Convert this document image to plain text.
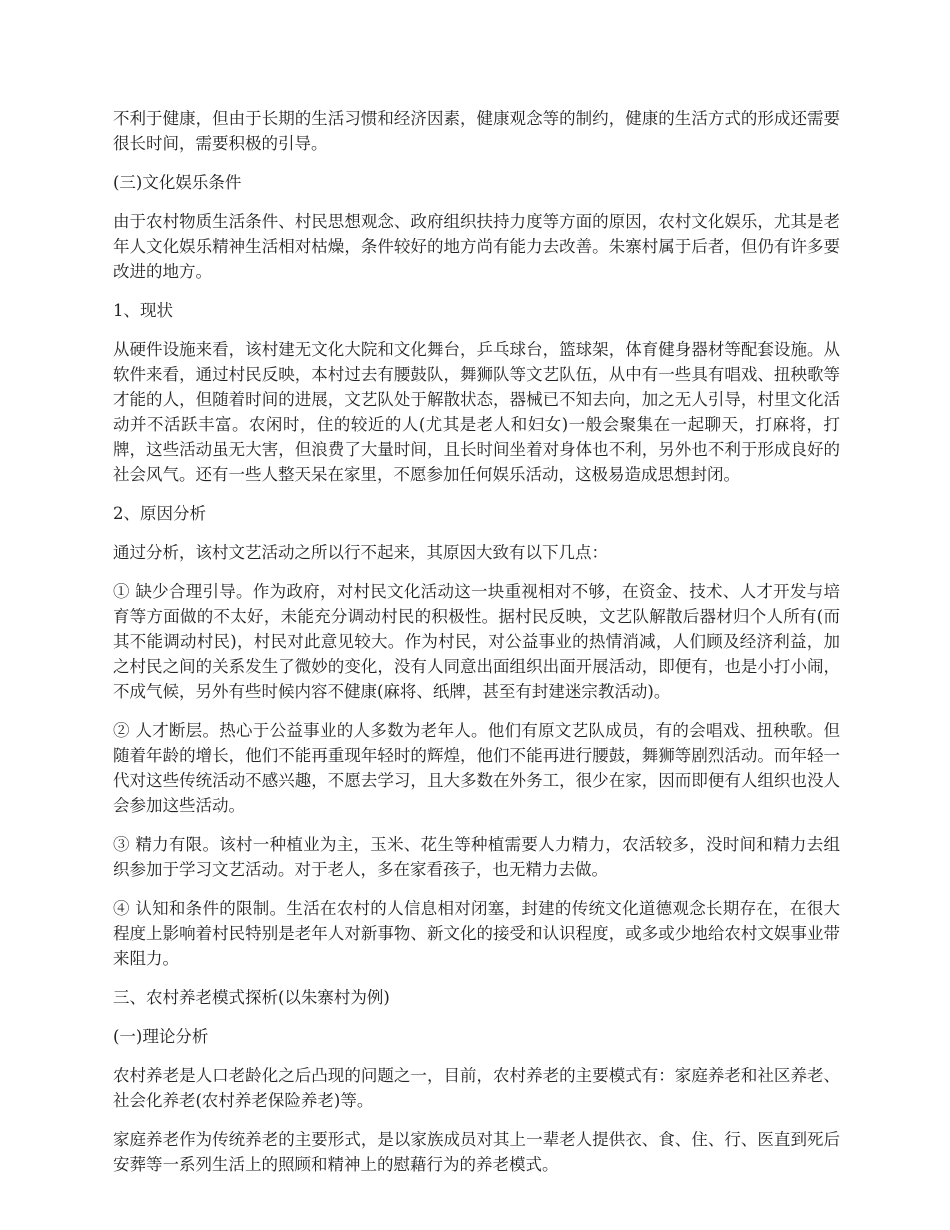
不利于健康，但由于长期的生活习惯和经济因素，健康观念等的制约，健康的生活方式的形成还需要很长时间，需要积极的引导。

(三)文化娱乐条件

由于农村物质生活条件、村民思想观念、政府组织扶持力度等方面的原因，农村文化娱乐，尤其是老年人文化娱乐精神生活相对枯燥，条件较好的地方尚有能力去改善。朱寨村属于后者，但仍有许多要改进的地方。

1、现状

从硬件设施来看，该村建无文化大院和文化舞台，乒乓球台，篮球架，体育健身器材等配套设施。从软件来看，通过村民反映，本村过去有腰鼓队，舞狮队等文艺队伍，从中有一些具有唱戏、扭秧歌等才能的人，但随着时间的进展，文艺队处于解散状态，器械已不知去向，加之无人引导，村里文化活动并不活跃丰富。农闲时，住的较近的人(尤其是老人和妇女)一般会聚集在一起聊天，打麻将，打牌，这些活动虽无大害，但浪费了大量时间，且长时间坐着对身体也不利，另外也不利于形成良好的社会风气。还有一些人整天呆在家里，不愿参加任何娱乐活动，这极易造成思想封闭。

2、原因分析

通过分析，该村文艺活动之所以行不起来，其原因大致有以下几点：

① 缺少合理引导。作为政府，对村民文化活动这一块重视相对不够，在资金、技术、人才开发与培育等方面做的不太好，未能充分调动村民的积极性。据村民反映，文艺队解散后器材归个人所有(而其不能调动村民)，村民对此意见较大。作为村民，对公益事业的热情消减，人们顾及经济利益，加之村民之间的关系发生了微妙的变化，没有人同意出面组织出面开展活动，即便有，也是小打小闹，不成气候，另外有些时候内容不健康(麻将、纸牌，甚至有封建迷宗教活动)。

② 人才断层。热心于公益事业的人多数为老年人。他们有原文艺队成员，有的会唱戏、扭秧歌。但随着年龄的增长，他们不能再重现年轻时的辉煌，他们不能再进行腰鼓，舞狮等剧烈活动。而年轻一代对这些传统活动不感兴趣，不愿去学习，且大多数在外务工，很少在家，因而即便有人组织也没人会参加这些活动。

③ 精力有限。该村一种植业为主，玉米、花生等种植需要人力精力，农活较多，没时间和精力去组织参加于学习文艺活动。对于老人，多在家看孩子，也无精力去做。

④ 认知和条件的限制。生活在农村的人信息相对闭塞，封建的传统文化道德观念长期存在，在很大程度上影响着村民特别是老年人对新事物、新文化的接受和认识程度，或多或少地给农村文娱事业带来阻力。

三、农村养老模式探析(以朱寨村为例)

(一)理论分析

农村养老是人口老龄化之后凸现的问题之一，目前，农村养老的主要模式有：家庭养老和社区养老、社会化养老(农村养老保险养老)等。

家庭养老作为传统养老的主要形式，是以家族成员对其上一辈老人提供衣、食、住、行、医直到死后安葬等一系列生活上的照顾和精神上的慰藉行为的养老模式。
